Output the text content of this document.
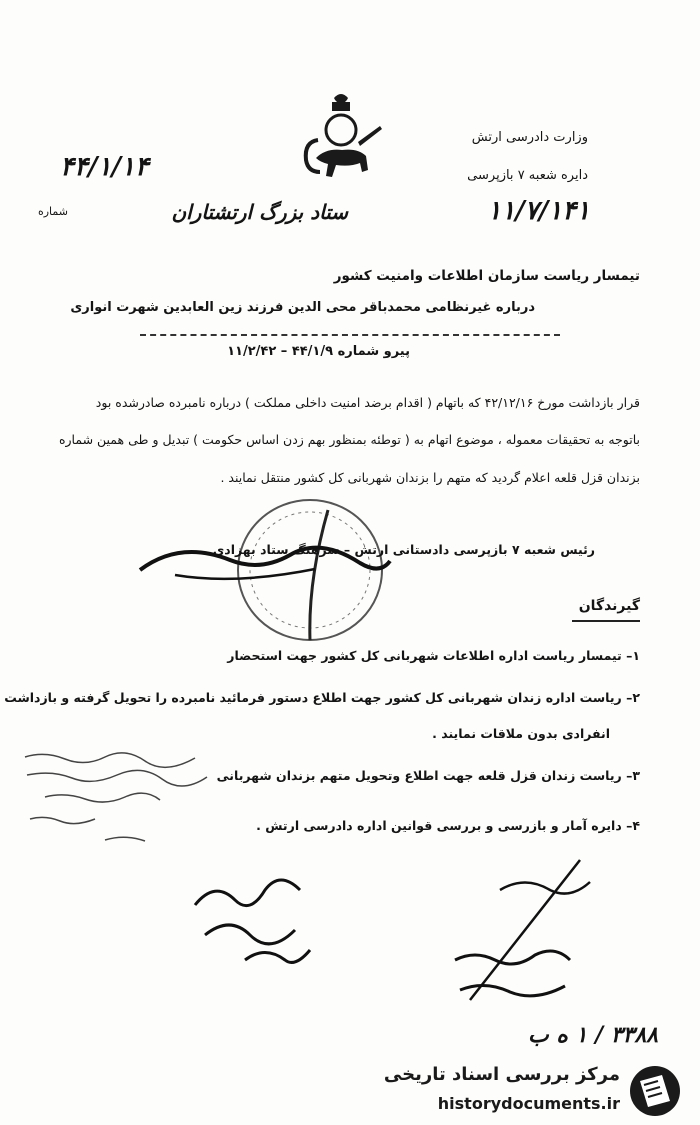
ستاد بزرگ ارتشتاران
۴۴/۱/۱۴
وزارت دادرسی ارتش
دایره شعبه ۷ بازپرسی
شماره	۱۱/۷/۱۴۱
تیمسار ریاست سازمان اطلاعات وامنیت کشور
درباره غیرنظامی محمدباقر محی الدین فرزند زین العابدین شهرت انواری
پیرو شماره ۴۴/۱/۹ – ۱۱/۲/۴۲
قرار بازداشت مورخ ۴۲/۱۲/۱۶ که باتهام ( اقدام برضد امنیت داخلی مملکت ) درباره نامبرده صادرشده بود
باتوجه به تحقیقات معموله ، موضوع اتهام به ( توطئه بمنظور بهم زدن اساس حکومت ) تبدیل و طی همین شماره
بزندان قزل قلعه اعلام گردید که متهم را بزندان شهربانی کل کشور منتقل نمایند .
رئیس شعبه ۷ بازپرسی دادستانی ارتش – سرهنگ ستاد بهزادی
گیرندگان
۱– تیمسار ریاست اداره اطلاعات شهربانی کل کشور جهت استحضار
۲– ریاست اداره زندان شهربانی کل کشور جهت اطلاع دستور فرمائید نامبرده را تحویل گرفته و بازداشت
انفرادی بدون ملاقات نمایند .
۳– ریاست زندان قزل قلعه جهت اطلاع وتحویل متهم بزندان شهربانی
۴– دایره آمار و بازرسی و بررسی قوانین اداره دادرسی ارتش .
۳۳۸۸ / ۱ ه ب
مرکز بررسی اسناد تاریخی
historydocuments.ir
